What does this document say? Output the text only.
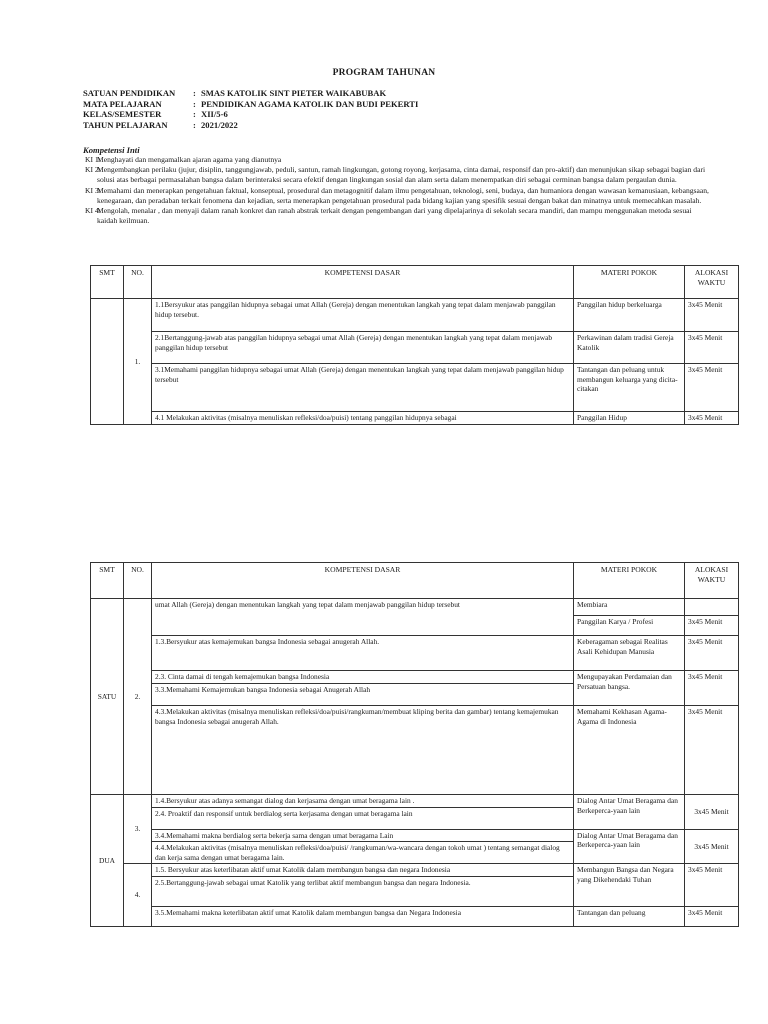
PROGRAM TAHUNAN
SATUAN PENDIDIKAN	: SMAS KATOLIK SINT PIETER WAIKABUBAK
MATA PELAJARAN	: PENDIDIKAN AGAMA KATOLIK DAN BUDI PEKERTI
KELAS/SEMESTER	: XII/5-6
TAHUN PELAJARAN	: 2021/2022
Kompetensi Inti
KI 1:
Menghayati dan mengamalkan ajaran agama yang dianutnya
KI 2:
Mengembangkan perilaku (jujur, disiplin, tanggungjawab, peduli, santun, ramah lingkungan, gotong royong, kerjasama, cinta damai, responsif dan pro-aktif) dan menunjukan sikap sebagai bagian dari solusi atas berbagai permasalahan bangsa dalam berinteraksi secara efektif dengan lingkungan sosial dan alam serta dalam menempatkan diri sebagai cerminan bangsa dalam pergaulan dunia.
KI 3:
Memahami dan menerapkan pengetahuan faktual, konseptual, prosedural dan metagognitif dalam ilmu pengetahuan, teknologi, seni, budaya, dan humaniora dengan wawasan kemanusiaan, kebangsaan, kenegaraan, dan peradaban terkait fenomena dan kejadian, serta menerapkan pengetahuan prosedural pada bidang kajian yang spesifik sesuai dengan bakat dan minatnya untuk memecahkan masalah.
KI 4:
Mengolah, menalar , dan menyaji dalam ranah konkret dan ranah abstrak terkait dengan pengembangan dari yang dipelajarinya di sekolah secara mandiri, dan mampu menggunakan metoda sesuai kaidah keilmuan.
SMT	NO.	KOMPETENSI DASAR	MATERI POKOK	ALOKASI WAKTU
	1.	1.1Bersyukur atas panggilan hidupnya sebagai umat Allah (Gereja) dengan menentukan langkah yang tepat dalam menjawab panggilan hidup tersebut.	Panggilan hidup berkeluarga	3x45 Menit
		2.1Bertanggung-jawab atas panggilan hidupnya sebagai umat Allah (Gereja) dengan menentukan langkah yang tepat dalam menjawab panggilan hidup tersebut	Perkawinan dalam tradisi Gereja Katolik	3x45 Menit
		3.1Memahami panggilan hidupnya sebagai umat Allah (Gereja) dengan menentukan langkah yang tepat dalam menjawab panggilan hidup tersebut	Tantangan dan peluang untuk membangun keluarga yang dicita-citakan	3x45 Menit
		4.1 Melakukan aktivitas (misalnya menuliskan refleksi/doa/puisi) tentang panggilan hidupnya sebagai	Panggilan Hidup	3x45 Menit
SMT	NO.	KOMPETENSI DASAR	MATERI POKOK	ALOKASI WAKTU
SATU	2.	umat Allah (Gereja) dengan menentukan langkah yang tepat dalam menjawab panggilan hidup tersebut	Membiara	
			Panggilan Karya / Profesi	3x45 Menit
		1.3.Bersyukur atas kemajemukan bangsa Indonesia sebagai anugerah Allah.	Keberagaman sebagai Realitas Asali Kehidupan Manusia	3x45 Menit
		2.3. Cinta damai di tengah kemajemukan bangsa Indonesia	Mengupayakan Perdamaian dan Persatuan bangsa.	3x45 Menit
		3.3.Memahami Kemajemukan bangsa Indonesia sebagai Anugerah Allah		
		4.3.Melakukan aktivitas (misalnya menuliskan refleksi/doa/puisi/rangkuman/membuat kliping berita dan gambar) tentang kemajemukan bangsa Indonesia sebagai anugerah Allah.	Memahami Kekhasan Agama-Agama di Indonesia	3x45 Menit
DUA	3.	1.4.Bersyukur atas adanya semangat dialog dan kerjasama dengan umat beragama lain .	Dialog Antar Umat Beragama dan Berkeperca-yaan lain	3x45 Menit
		2.4. Proaktif dan responsif untuk berdialog serta kerjasama dengan umat beragama lain		
		3.4.Memahami makna berdialog serta bekerja sama dengan umat beragama Lain	Dialog Antar Umat Beragama dan Berkeperca-yaan lain	3x45 Menit
		4.4.Melakukan aktivitas (misalnya menuliskan refleksi/doa/puisi/ /rangkuman/wa-wancara dengan tokoh umat ) tentang semangat dialog dan kerja sama dengan umat beragama lain.		
	4.	1.5. Bersyukur atas keterlibatan aktif umat Katolik dalam membangun bangsa dan negara Indonesia	Membangun Bangsa dan Negara yang Dikehendaki Tuhan	3x45 Menit
		2.5.Bertanggung-jawab sebagai umat Katolik yang terlibat aktif membangun bangsa dan negara Indonesia.		
		3.5.Memahami makna keterlibatan aktif umat Katolik dalam membangun bangsa dan Negara Indonesia	Tantangan dan peluang	3x45 Menit
